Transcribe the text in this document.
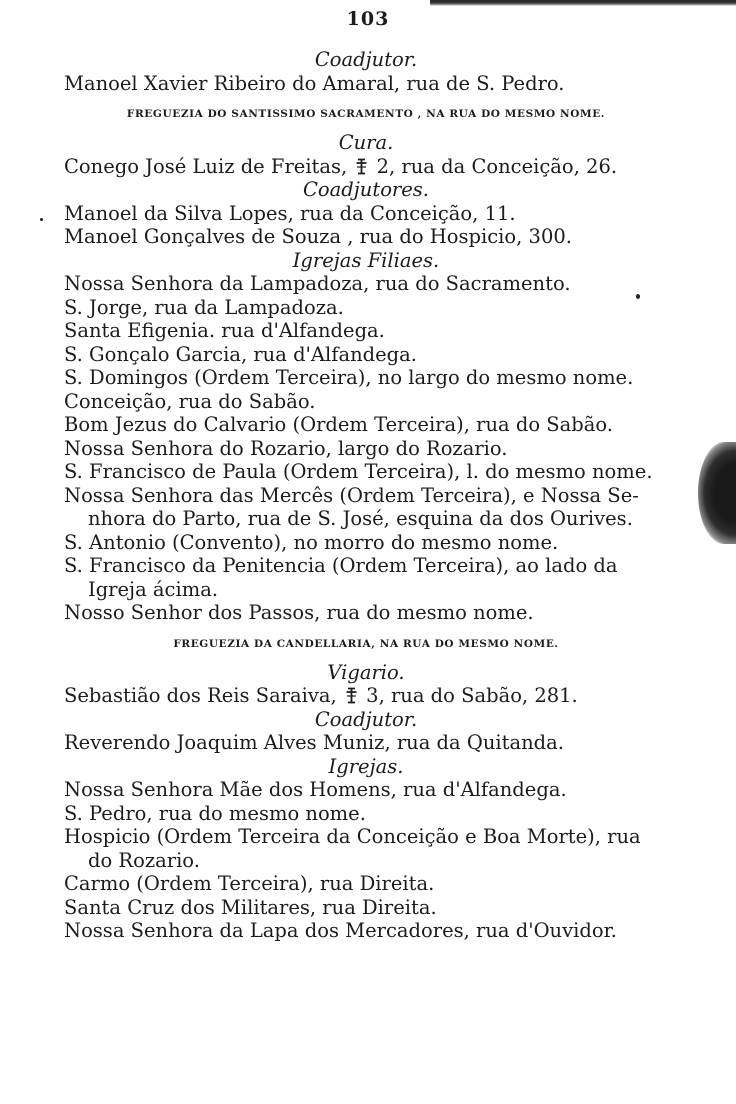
103
Coadjutor.
Manoel Xavier Ribeiro do Amaral, rua de S. Pedro.
FREGUEZIA DO SANTISSIMO SACRAMENTO , NA RUA DO MESMO NOME.
Cura.
Conego José Luiz de Freitas, 2, rua da Conceição, 26.
Coadjutores.
Manoel da Silva Lopes, rua da Conceição, 11.
Manoel Gonçalves de Souza , rua do Hospicio, 300.
Igrejas Filiaes.
Nossa Senhora da Lampadoza, rua do Sacramento.
S. Jorge, rua da Lampadoza.
Santa Efigenia. rua d'Alfandega.
S. Gonçalo Garcia, rua d'Alfandega.
S. Domingos (Ordem Terceira), no largo do mesmo nome.
Conceição, rua do Sabão.
Bom Jezus do Calvario (Ordem Terceira), rua do Sabão.
Nossa Senhora do Rozario, largo do Rozario.
S. Francisco de Paula (Ordem Terceira), l. do mesmo nome.
Nossa Senhora das Mercês (Ordem Terceira), e Nossa Se-
nhora do Parto, rua de S. José, esquina da dos Ourives.
S. Antonio (Convento), no morro do mesmo nome.
S. Francisco da Penitencia (Ordem Terceira), ao lado da
Igreja ácima.
Nosso Senhor dos Passos, rua do mesmo nome.
FREGUEZIA DA CANDELLARIA, NA RUA DO MESMO NOME.
Vigario.
Sebastião dos Reis Saraiva, 3, rua do Sabão, 281.
Coadjutor.
Reverendo Joaquim Alves Muniz, rua da Quitanda.
Igrejas.
Nossa Senhora Mãe dos Homens, rua d'Alfandega.
S. Pedro, rua do mesmo nome.
Hospicio (Ordem Terceira da Conceição e Boa Morte), rua
do Rozario.
Carmo (Ordem Terceira), rua Direita.
Santa Cruz dos Militares, rua Direita.
Nossa Senhora da Lapa dos Mercadores, rua d'Ouvidor.
